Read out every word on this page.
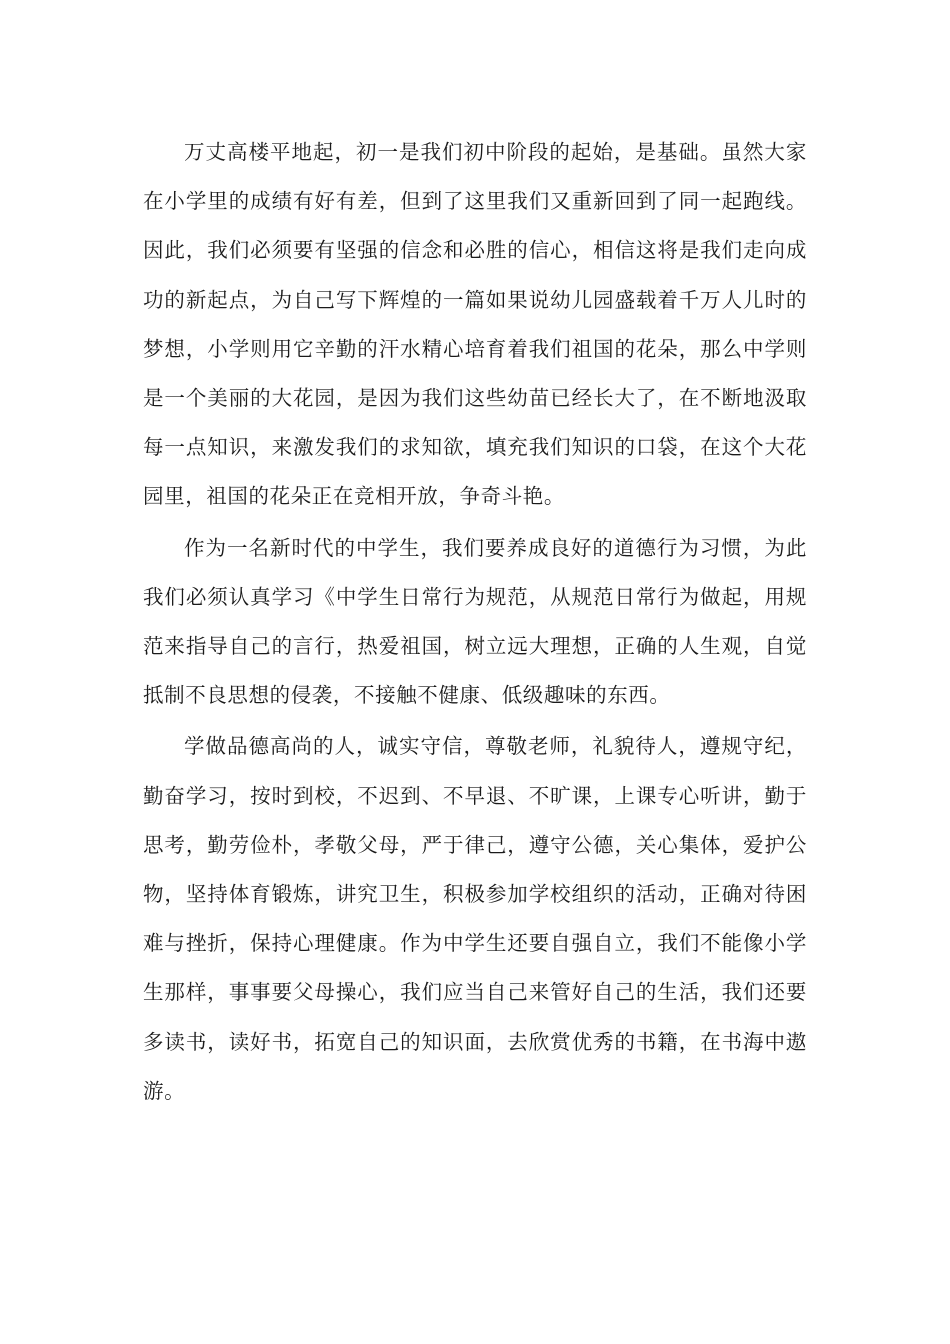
万丈高楼平地起，初一是我们初中阶段的起始，是基础。虽然大家在小学里的成绩有好有差，但到了这里我们又重新回到了同一起跑线。因此，我们必须要有坚强的信念和必胜的信心，相信这将是我们走向成功的新起点，为自己写下辉煌的一篇如果说幼儿园盛载着千万人儿时的梦想，小学则用它辛勤的汗水精心培育着我们祖国的花朵，那么中学则是一个美丽的大花园，是因为我们这些幼苗已经长大了，在不断地汲取每一点知识，来激发我们的求知欲，填充我们知识的口袋，在这个大花园里，祖国的花朵正在竞相开放，争奇斗艳。

作为一名新时代的中学生，我们要养成良好的道德行为习惯，为此我们必须认真学习《中学生日常行为规范，从规范日常行为做起，用规范来指导自己的言行，热爱祖国，树立远大理想，正确的人生观，自觉抵制不良思想的侵袭，不接触不健康、低级趣味的东西。

学做品德高尚的人，诚实守信，尊敬老师，礼貌待人，遵规守纪，勤奋学习，按时到校，不迟到、不早退、不旷课，上课专心听讲，勤于思考，勤劳俭朴，孝敬父母，严于律己，遵守公德，关心集体，爱护公物，坚持体育锻炼，讲究卫生，积极参加学校组织的活动，正确对待困难与挫折，保持心理健康。作为中学生还要自强自立，我们不能像小学生那样，事事要父母操心，我们应当自己来管好自己的生活，我们还要多读书，读好书，拓宽自己的知识面，去欣赏优秀的书籍，在书海中遨游。
